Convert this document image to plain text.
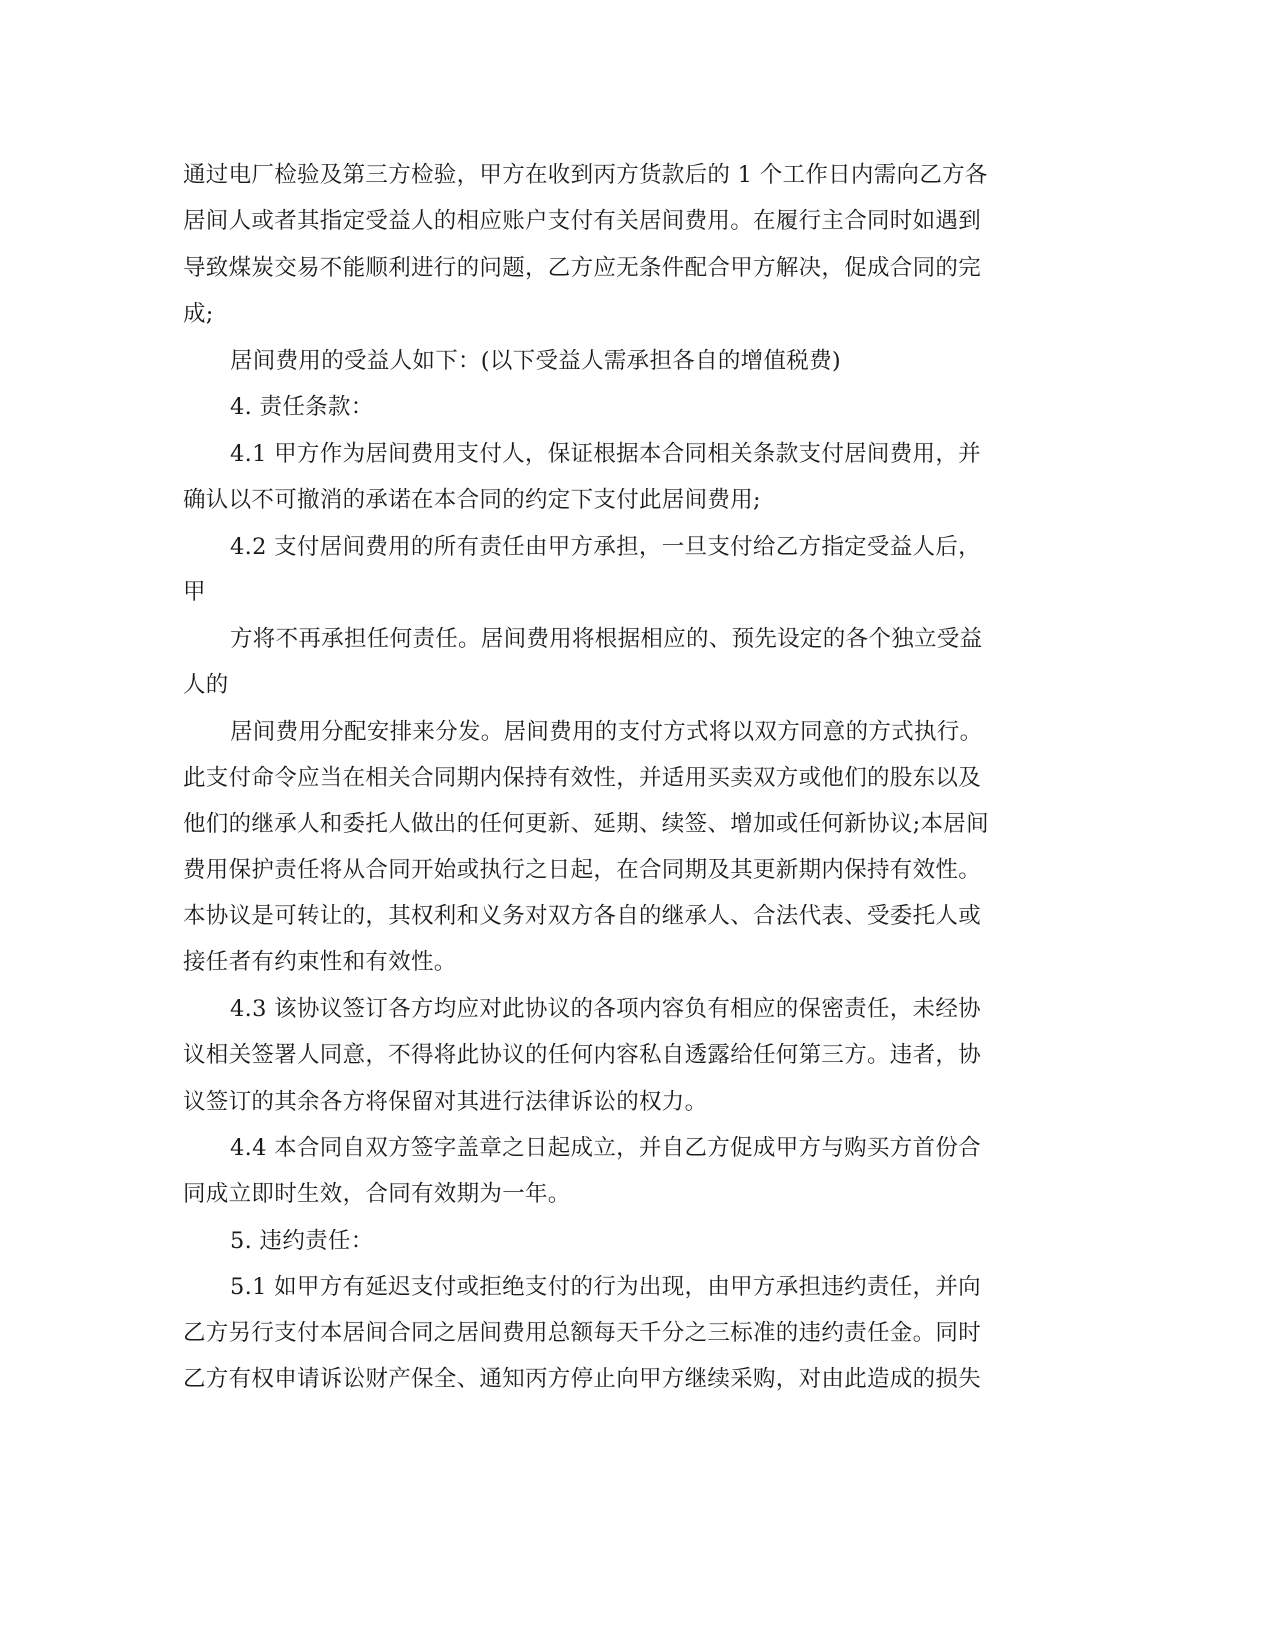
通过电厂检验及第三方检验，甲方在收到丙方货款后的 1 个工作日内需向乙方各
居间人或者其指定受益人的相应账户支付有关居间费用。在履行主合同时如遇到
导致煤炭交易不能顺利进行的问题，乙方应无条件配合甲方解决，促成合同的完
成;
居间费用的受益人如下：(以下受益人需承担各自的增值税费)
4. 责任条款：
4.1 甲方作为居间费用支付人，保证根据本合同相关条款支付居间费用，并
确认以不可撤消的承诺在本合同的约定下支付此居间费用;
4.2 支付居间费用的所有责任由甲方承担，一旦支付给乙方指定受益人后，
甲
方将不再承担任何责任。居间费用将根据相应的、预先设定的各个独立受益
人的
居间费用分配安排来分发。居间费用的支付方式将以双方同意的方式执行。
此支付命令应当在相关合同期内保持有效性，并适用买卖双方或他们的股东以及
他们的继承人和委托人做出的任何更新、延期、续签、增加或任何新协议;本居间
费用保护责任将从合同开始或执行之日起，在合同期及其更新期内保持有效性。
本协议是可转让的，其权利和义务对双方各自的继承人、合法代表、受委托人或
接任者有约束性和有效性。
4.3 该协议签订各方均应对此协议的各项内容负有相应的保密责任，未经协
议相关签署人同意，不得将此协议的任何内容私自透露给任何第三方。违者，协
议签订的其余各方将保留对其进行法律诉讼的权力。
4.4 本合同自双方签字盖章之日起成立，并自乙方促成甲方与购买方首份合
同成立即时生效，合同有效期为一年。
5. 违约责任：
5.1 如甲方有延迟支付或拒绝支付的行为出现，由甲方承担违约责任，并向
乙方另行支付本居间合同之居间费用总额每天千分之三标准的违约责任金。同时
乙方有权申请诉讼财产保全、通知丙方停止向甲方继续采购，对由此造成的损失
